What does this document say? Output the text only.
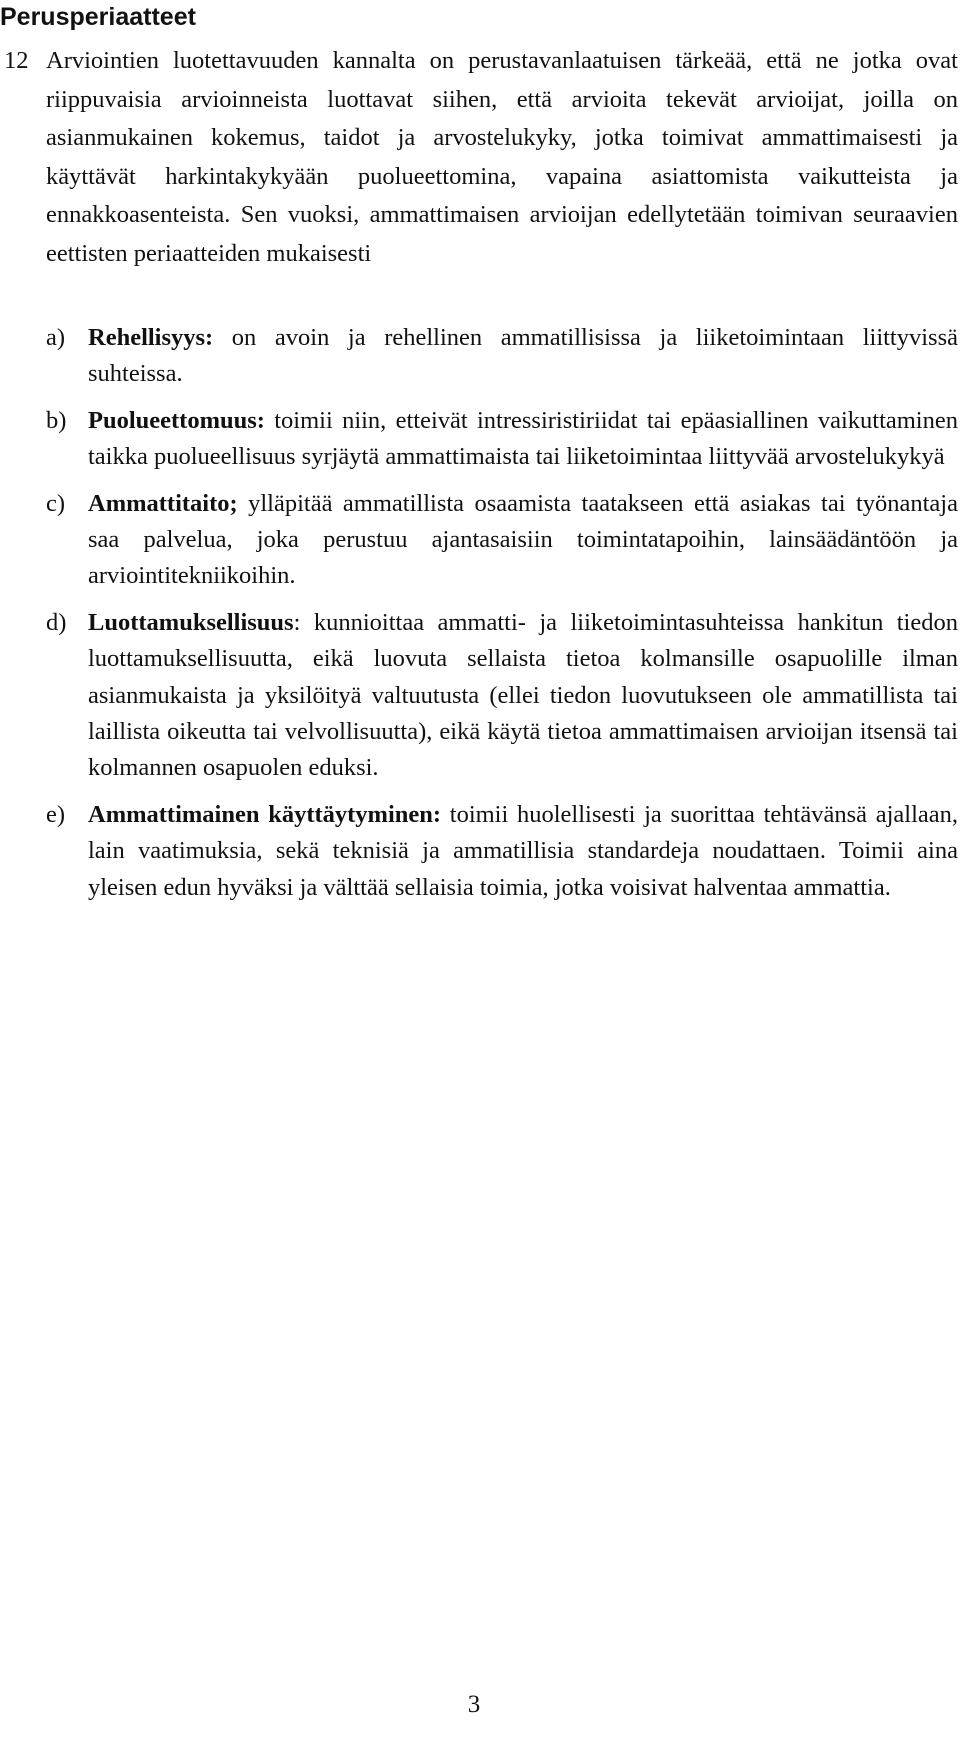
Perusperiaatteet
12 Arviointien luotettavuuden kannalta on perustavanlaatuisen tärkeää, että ne jotka ovat riippuvaisia arvioinneista luottavat siihen, että arvioita tekevät arvioijat, joilla on asianmukainen kokemus, taidot ja arvostelukyky, jotka toimivat ammattimaisesti ja käyttävät harkintakykyään puolueettomina, vapaina asiattomista vaikutteista ja ennakkoasenteista. Sen vuoksi, ammattimaisen arvioijan edellytetään toimivan seuraavien eettisten periaatteiden mukaisesti

a) Rehellisyys: on avoin ja rehellinen ammatillisissa ja liiketoimintaan liittyvissä suhteissa.

b) Puolueettomuus: toimii niin, etteivät intressiristiriidat tai epäasiallinen vaikuttaminen taikka puolueellisuus syrjäytä ammattimaista tai liiketoimintaa liittyvää arvostelukykyä

c) Ammattitaito; ylläpitää ammatillista osaamista taatakseen että asiakas tai työnantaja saa palvelua, joka perustuu ajantasaisiin toimintatapoihin, lainsäädäntöön ja arviointitekniikoihin.

d) Luottamuksellisuus: kunnioittaa ammatti- ja liiketoimintasuhteissa hankitun tiedon luottamuksellisuutta, eikä luovuta sellaista tietoa kolmansille osapuolille ilman asianmukaista ja yksilöityä valtuutusta (ellei tiedon luovutukseen ole ammatillista tai laillista oikeutta tai velvollisuutta), eikä käytä tietoa ammattimaisen arvioijan itsensä tai kolmannen osapuolen eduksi.

e) Ammattimainen käyttäytyminen: toimii huolellisesti ja suorittaa tehtävänsä ajallaan, lain vaatimuksia, sekä teknisiä ja ammatillisia standardeja noudattaen. Toimii aina yleisen edun hyväksi ja välttää sellaisia toimia, jotka voisivat halventaa ammattia.

3
